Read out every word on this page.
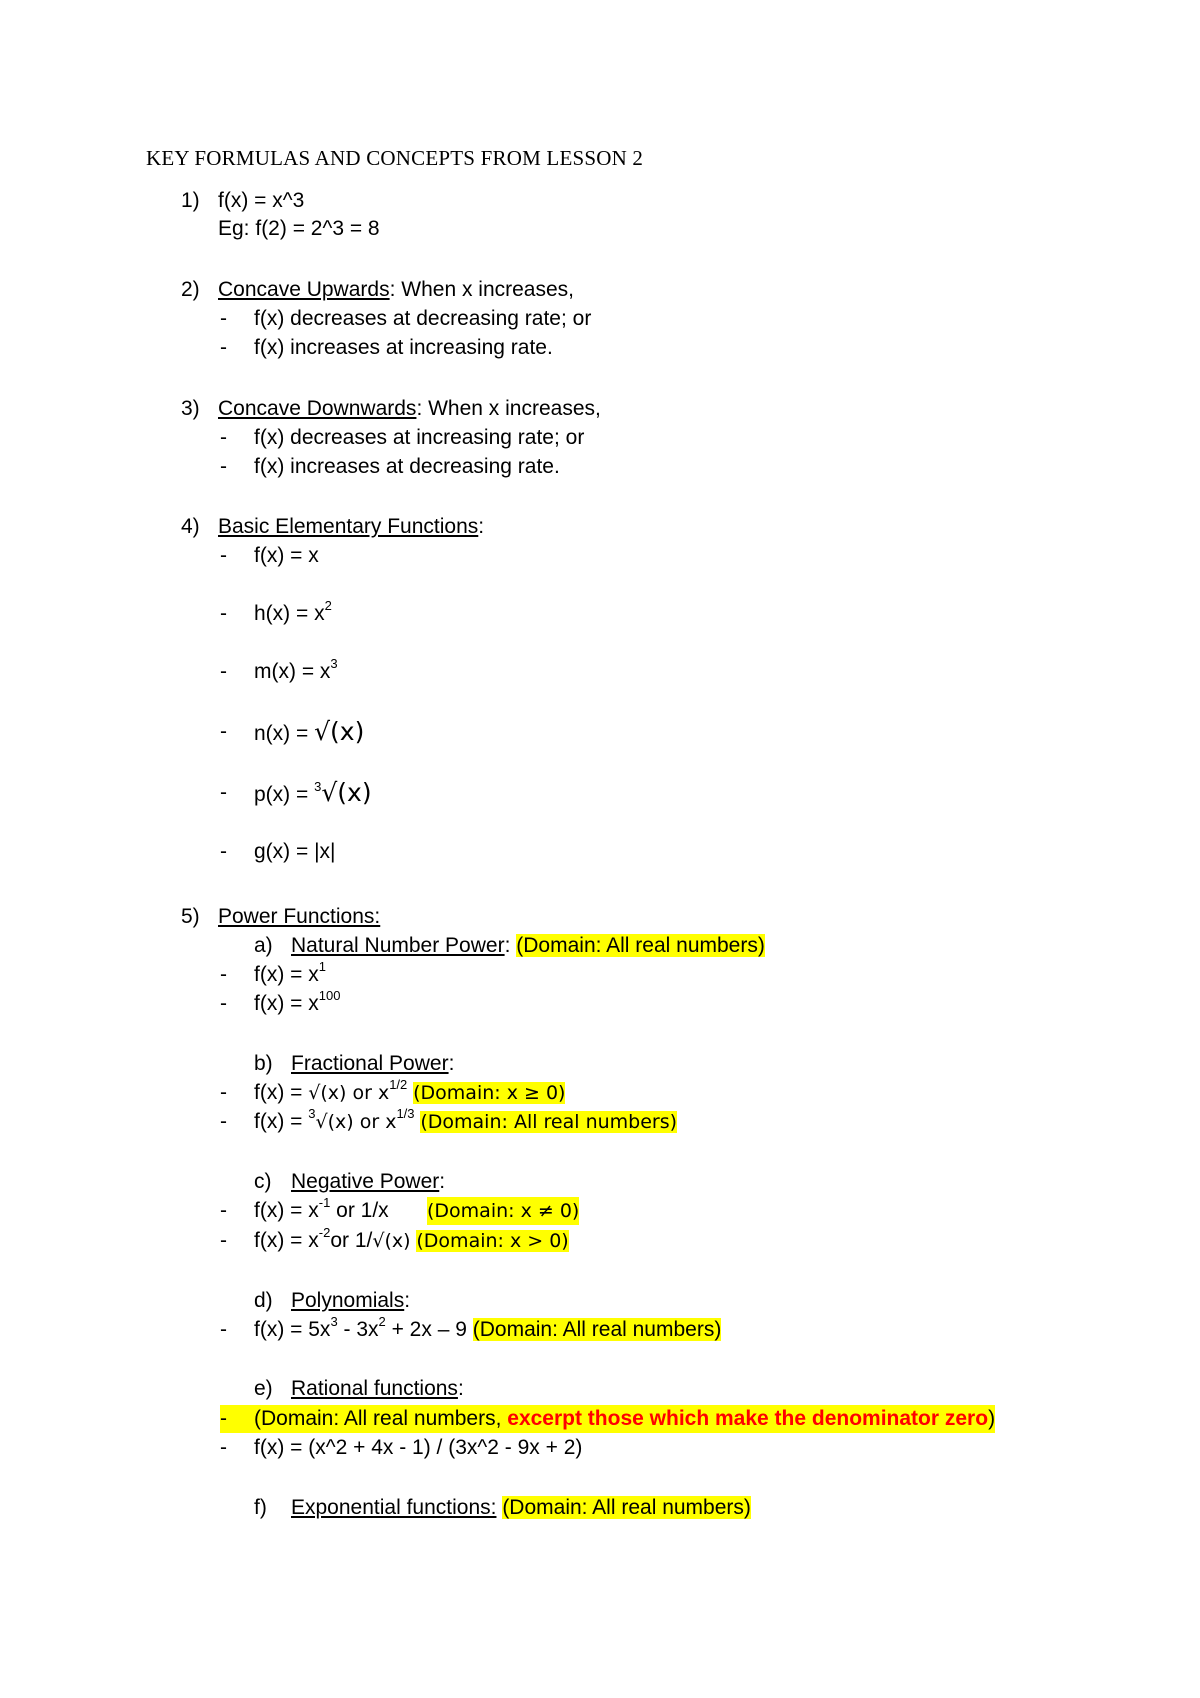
KEY FORMULAS AND CONCEPTS FROM LESSON 2
1) f(x) = x^3
Eg: f(2) = 2^3 = 8
2) Concave Upwards: When x increases,
- f(x) decreases at decreasing rate; or
- f(x) increases at increasing rate.
3) Concave Downwards: When x increases,
- f(x) decreases at increasing rate; or
- f(x) increases at decreasing rate.
4) Basic Elementary Functions:
- f(x) = x
- $h(x) = x^2$
- $m(x) = x^3$
- n(x) = √(x)
- p(x) = $^3$√(x)
- g(x) = |x|
5) Power Functions:
a) Natural Number Power: (Domain: All real numbers)
- $f(x) = x^1$
- $f(x) = x^{100}$
b) Fractional Power:
- f(x) = √(x) or $x^{1/2}$ (Domain: x ≥ 0)
- f(x) = $^3$√(x) or $x^{1/3}$ (Domain: All real numbers)
c) Negative Power:
- $f(x) = x^{-1}$ or 1/x (Domain: x ≠ 0)
- $f(x) = x^{-2}or$ 1/√(x) (Domain: x > 0)
d) Polynomials:
- $f(x) = 5x^3 - 3x^2 + 2x - 9$ (Domain: All real numbers)
e) Rational functions:
-	(Domain: All real numbers, excerpt those which make the denominator zero)
- f(x) = (x^2 + 4x - 1) / (3x^2 - 9x + 2)
f) Exponential functions: (Domain: All real numbers)
